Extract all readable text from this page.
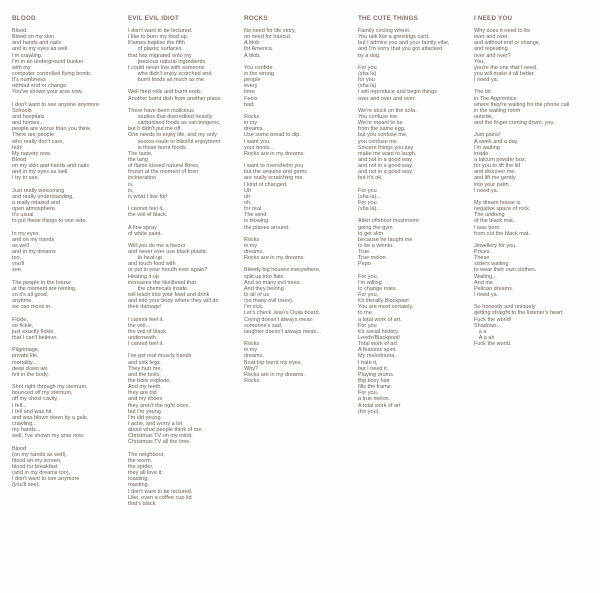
BLOOD
Blood.
Blood on my skin
and hands and nails
and in my eyes as well.
I'm crawling.
I'm in an underground bunker
with my
computer controlled flying bomb.
It's numbness
without end or change.
You've shown your arse now.
I don't want to see anyone anymore.
Schools
and hospitals
and homes...
people are worse than you think.
There are people
who really don't care,
huh!
My naivety now.
Blood
on my skin and hands and nails
and in my eyes as well.
I try to see.
Just really welcoming
and really understanding,
a really relaxed and
open atmosphere.
It's usual
to put these things to one side.
In my eyes
and on my hands
as well
and in my dreams
too,
you'll
see.
The people in the house
at the moment are renting,
so it's all good,
anytime,
we can move in.
Fickle,
so fickle,
just exactly fickle,
that I can't believe.
Pilgrimage,
private life,
mortality...
deep down we
felt in the body.
Shot right through my sternum,
bounced off my sternum,
off my chest cavity,
I fell...
I fell and was hit
and was blown down by a gale,
crawling...
my hands...
well, I've shown my arse now.
Blood
(on my hands as well),
blood on my screen,
blood for breakfast
(and in my dreams too),
I don't want to see anymore
(you'll see).
EVIL EVIL IDIOT
I don't want to be lectured.
I like to burn my food up.
Flames baptise the fifth
of plastic surfaces
that has migrated onto my
precious natural ingredients.
I could never live with someone
who didn't enjoy scorched and
burnt foods as much as me.
Well fired rolls and burnt ends.
Another burnt dish from another place.
There have been malicious
studies that discredited heavily
carbonised foods as carcinogenic,
but it didn't put me off.
One needs to enjoy life, and my only
access route to blissful enjoyment
is those burnt foods.
The taste,
the tang
of flame kissed natural fibres,
frozen at the moment of their
incineration
is,
is,
is what I live for!
I cannot feel it,
the veil of black.
A fine spray
of white paint.
Will you do me a favour
and never ever use black plastic
to heat up
and touch food with
or put in your mouth ever again?
Heating it up
increases the likelihood that
the chemicals inside
will leach into your food and drink
and into your body where they will do
their damage!
I cannot feel it,
the veil...
the veil of black
underneath.
I cannot feel it.
I've got real muscly hands
and sick legs.
They hurt me,
and the boils,
the boils explode.
And my teeth
they are old
and my shoes
they aren't the right ones,
but I'm young.
I'm old young.
I ache, and worry a lot
about what people think of me.
Christmas TV on my mind.
Christmas TV all the time.
The neighbour,
the worm,
the spider,
they all love it:
toasting,
roasting.
I don't want to be lectured.
Like, even a coffee cup lid
that's black.
ROCKS
No need for life story,
no need for haircut.
A blob
for America.
A blob.
You confide
in the wrong
people
every
time.
Feels
bad.
Rocks
in my
dreams.
Use some bread to dip.
I want you,
your boots...
Rocks are in my dreams.
I want to overwhelm you
but the sequins and gems
are really scratching me.
I kind of changed.
Uh
uh
oh,
for real.
The wind
is blowing
the planes around.
Rocks
in my
dreams.
Rocks are in my dreams.
Bloody big houses everywhere,
split up into flats.
And so many evil trees.
And they belong
to all of us
(so many evil trees).
I'm sick.
Let's check Jean's Ouija board.
Crying doesn't always mean
someone's sad,
laughter doesn't always mean...
Rocks
in my
dreams.
Boat trip burnt my eyes.
Why?
Rocks are in my dreams.
Rocks.
THE CUTE THINGS
Family circling wheel.
You talk like a greetings card,
but I admire you and your family vibe,
and I'm sorry that you got attacked
by a dog.
For you
(sha la)
for you
(sha la)
I will reproduce and begin things
over and over and over.
We're stuck on the sofa.
You confuse me.
We're meant to be
from the same egg,
but you confuse me,
you confuse me.
Sincere things you say
make me want to laugh,
and not in a good way,
and not in a good way,
and not in a good way,
but it's ok.
For you
(sha la)...
For you
(sha la)...
Alien offshoot mushroom
going the gym
to get slim
because he taught me
to be a winner.
True.
True melon.
Pepo.
For you,
I'm willing
to change roles.
For you,
it's literally Blackpool.
You are most certainly,
to me,
a total work of art.
For you
it's social history.
Leeds/Blackpool/
Total work of art.
A fearless spirit.
My melodrama.
I hate it,
but I need it.
Playing drums.
Big boxy hair
fills the frame.
For you,
a true melon.
A total work of art
(for you).
I NEED YOU
Why does it need to be
over and over,
and without end or change,
and repeating
over and over?
You,
you're the one that I need,
you will make it all better.
I need ya.
The bit
in The Apprentice
where they're waiting for the phone call
in the waiting room
outside,
and the finger coming down: you.
Just pains!
A week and a day.
I'm waiting
inside
a talcum powder box,
for you to lift the lid
and discover me,
and lift me gently
into your palm.
I need ya.
My dream house is
negative space of rock.
The undoing
of the black mat.
I was born
from out the black mat.
Jewellery for you.
Prices.
These
sisters waiting
to wear their own clothes.
Waiting...
And me.
Pelican dreams.
I need ya.
So honestly and uniquely
getting straight to the listener's heart.
Fuck the world!
Shadows...
a a
A a ah
Fuck the world.
